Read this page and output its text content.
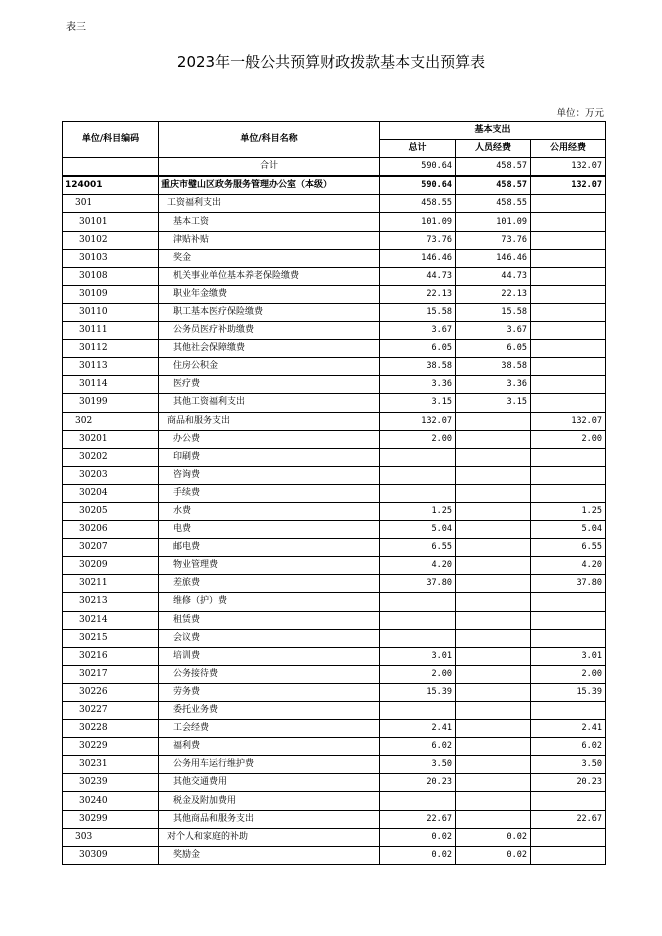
表三
2023年一般公共预算财政拨款基本支出预算表
单位：万元
单位/科目编码	单位/科目名称	基本支出		
		总计	人员经费	公用经费
	合计	590.64	458.57	132.07
124001	重庆市璧山区政务服务管理办公室（本级）	590.64	458.57	132.07
301	工资福利支出	458.55	458.55	
30101	基本工资	101.09	101.09	
30102	津贴补贴	73.76	73.76	
30103	奖金	146.46	146.46	
30108	机关事业单位基本养老保险缴费	44.73	44.73	
30109	职业年金缴费	22.13	22.13	
30110	职工基本医疗保险缴费	15.58	15.58	
30111	公务员医疗补助缴费	3.67	3.67	
30112	其他社会保障缴费	6.05	6.05	
30113	住房公积金	38.58	38.58	
30114	医疗费	3.36	3.36	
30199	其他工资福利支出	3.15	3.15	
302	商品和服务支出	132.07		132.07
30201	办公费	2.00		2.00
30202	印刷费			
30203	咨询费			
30204	手续费			
30205	水费	1.25		1.25
30206	电费	5.04		5.04
30207	邮电费	6.55		6.55
30209	物业管理费	4.20		4.20
30211	差旅费	37.80		37.80
30213	维修（护）费			
30214	租赁费			
30215	会议费			
30216	培训费	3.01		3.01
30217	公务接待费	2.00		2.00
30226	劳务费	15.39		15.39
30227	委托业务费			
30228	工会经费	2.41		2.41
30229	福利费	6.02		6.02
30231	公务用车运行维护费	3.50		3.50
30239	其他交通费用	20.23		20.23
30240	税金及附加费用			
30299	其他商品和服务支出	22.67		22.67
303	对个人和家庭的补助	0.02	0.02	
30309	奖励金	0.02	0.02	
